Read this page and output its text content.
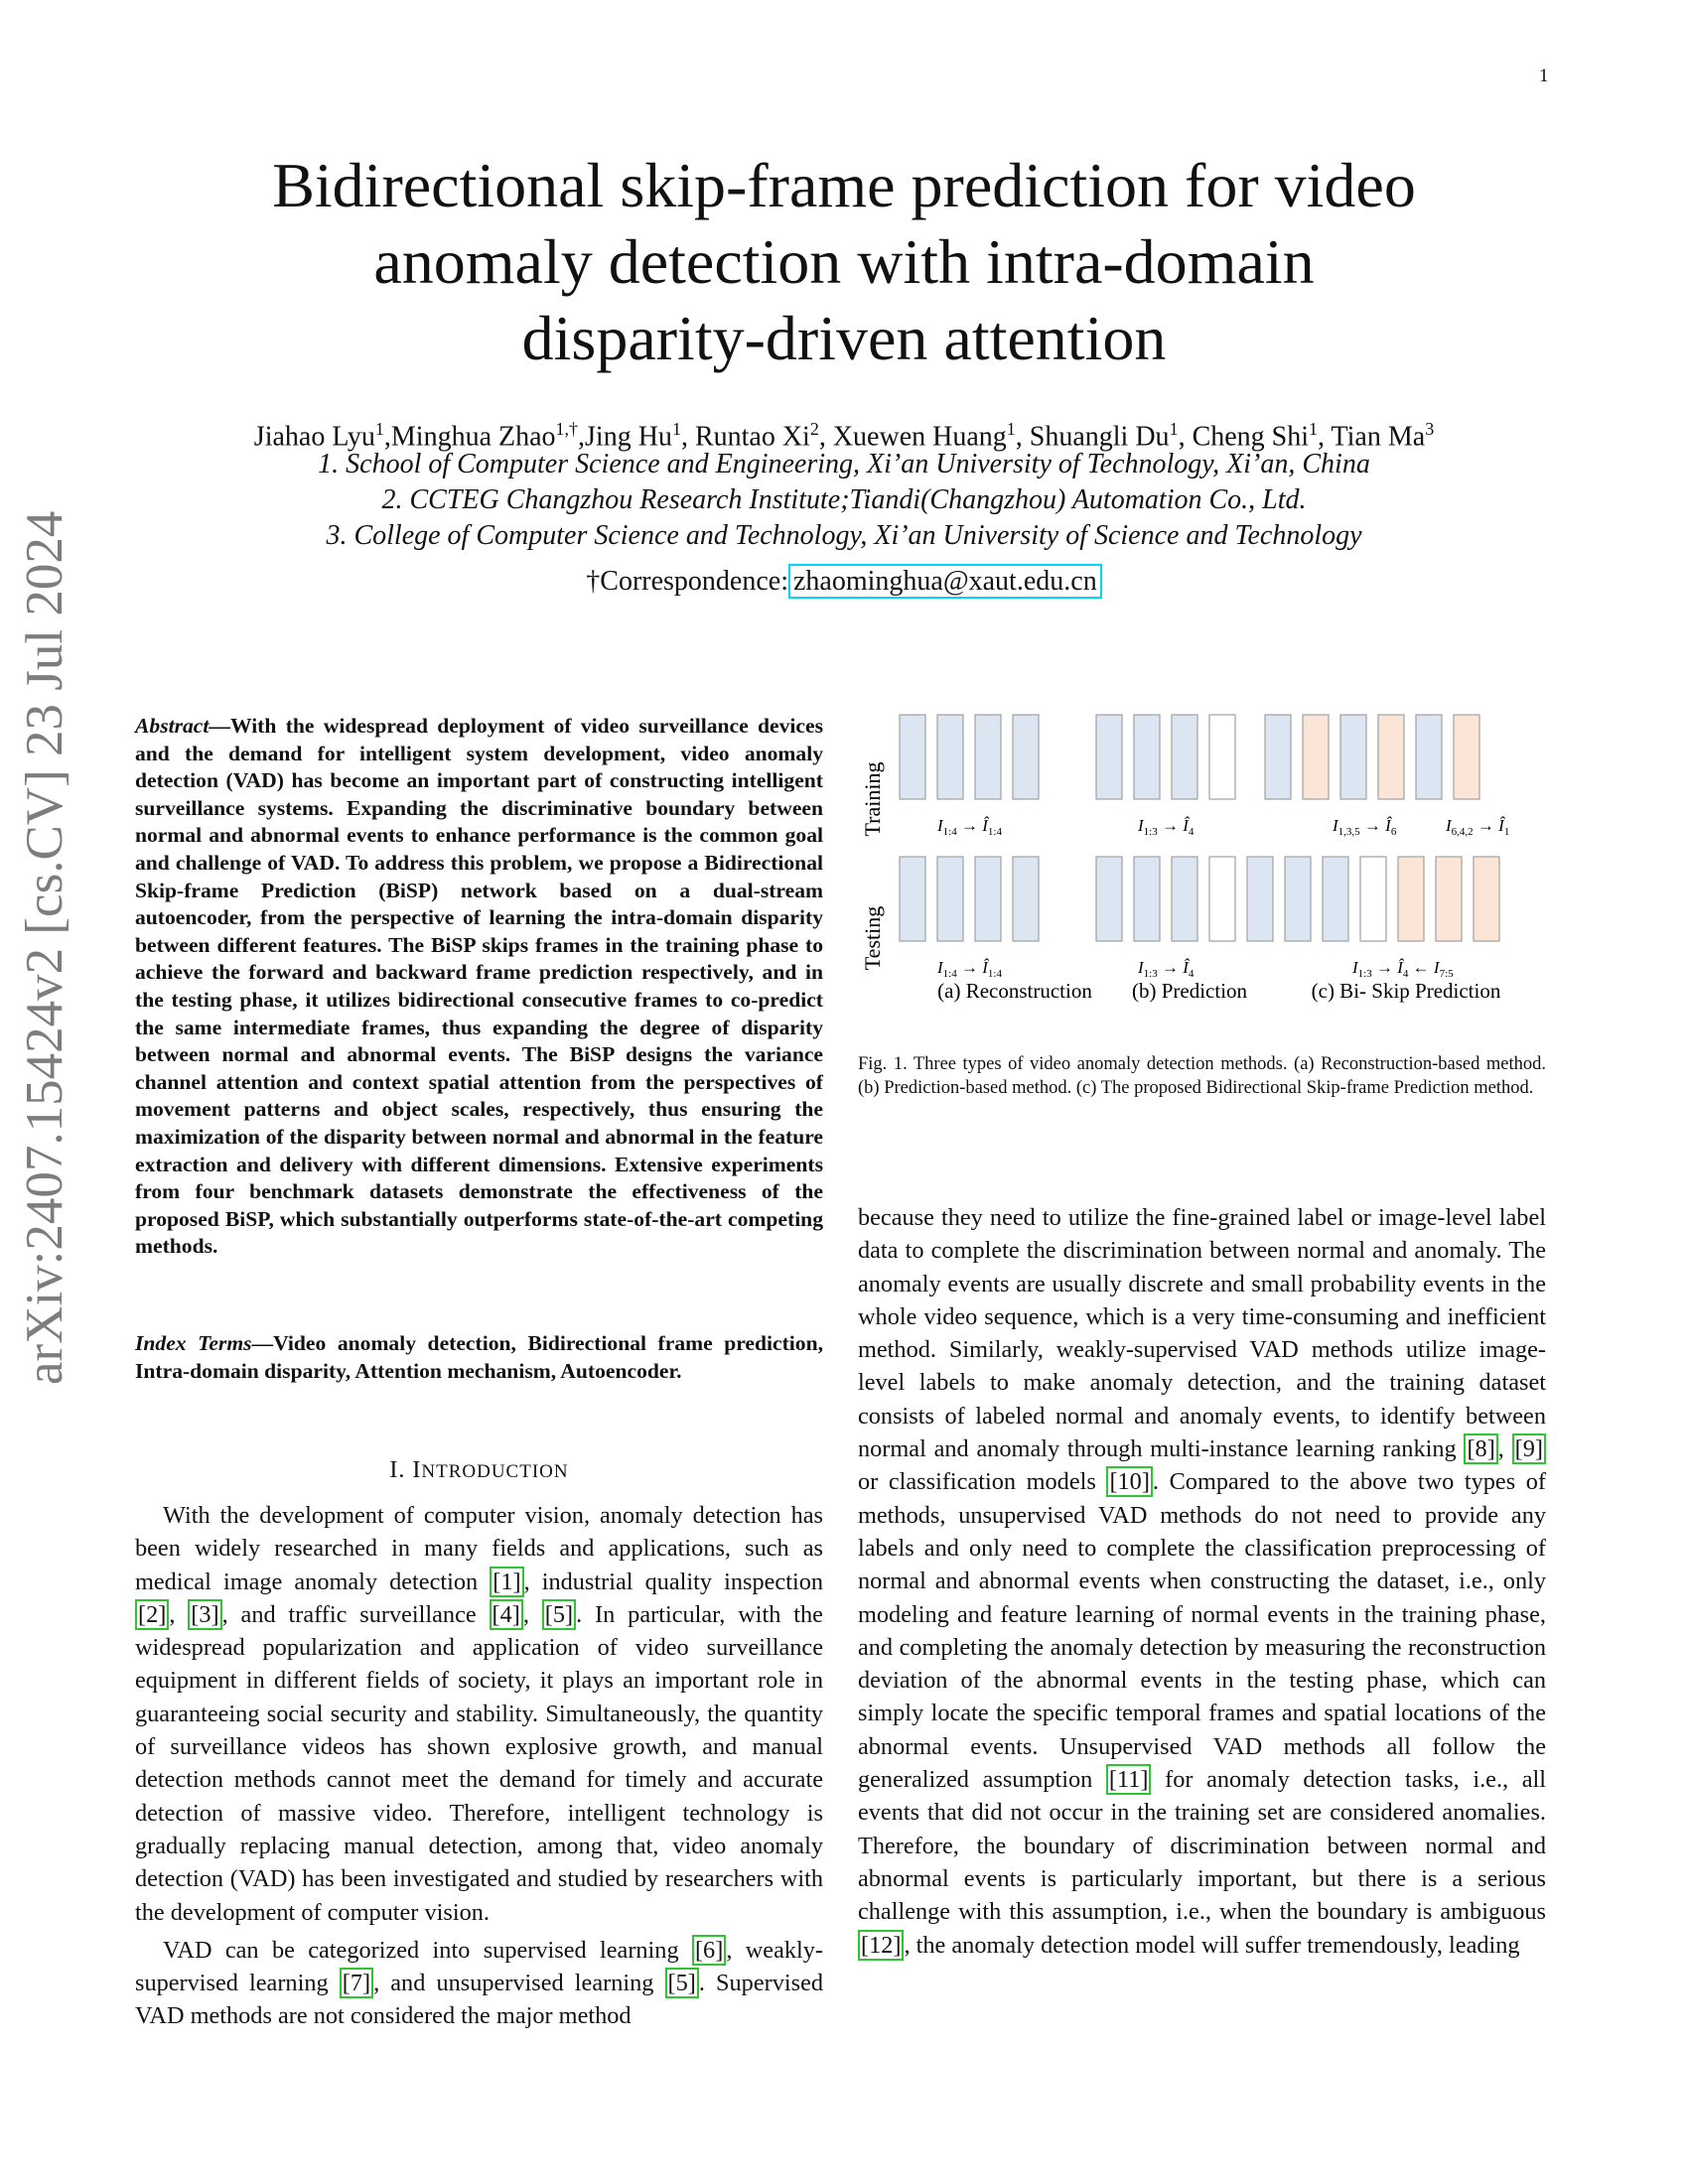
1
arXiv:2407.15424v2 [cs.CV] 23 Jul 2024
Bidirectional skip-frame prediction for video
anomaly detection with intra-domain
disparity-driven attention
Jiahao Lyu$^1$,Minghua Zhao$^{1,\dagger}$,Jing Hu$^1$, Runtao Xi$^2$, Xuewen Huang$^1$, Shuangli Du$^1$, Cheng Shi$^1$, Tian Ma$^3$
1. School of Computer Science and Engineering, Xi’an University of Technology, Xi’an, China
2. CCTEG Changzhou Research Institute;Tiandi(Changzhou) Automation Co., Ltd.
3. College of Computer Science and Technology, Xi’an University of Science and Technology
†Correspondence: zhaominghua@xaut.edu.cn

Abstract—With the widespread deployment of video surveillance devices and the demand for intelligent system development, video anomaly detection (VAD) has become an important part of constructing intelligent surveillance systems. Expanding the discriminative boundary between normal and abnormal events to enhance performance is the common goal and challenge of VAD. To address this problem, we propose a Bidirectional Skip-frame Prediction (BiSP) network based on a dual-stream autoencoder, from the perspective of learning the intra-domain disparity between different features. The BiSP skips frames in the training phase to achieve the forward and backward frame prediction respectively, and in the testing phase, it utilizes bidirectional consecutive frames to co-predict the same intermediate frames, thus expanding the degree of disparity between normal and abnormal events. The BiSP designs the variance channel attention and context spatial attention from the perspectives of movement patterns and object scales, respectively, thus ensuring the maximization of the disparity between normal and abnormal in the feature extraction and delivery with different dimensions. Extensive experiments from four benchmark datasets demonstrate the effectiveness of the proposed BiSP, which substantially outperforms state-of-the-art competing methods.

Index Terms—Video anomaly detection, Bidirectional frame prediction, Intra-domain disparity, Attention mechanism, Autoencoder.

I. INTRODUCTION

With the development of computer vision, anomaly detection has been widely researched in many fields and applications, such as medical image anomaly detection [1] , industrial quality inspection [2] , [3] , and traffic surveillance [4] , [5] . In particular, with the widespread popularization and application of video surveillance equipment in different fields of society, it plays an important role in guaranteeing social security and stability. Simultaneously, the quantity of surveillance videos has shown explosive growth, and manual detection methods cannot meet the demand for timely and accurate detection of massive video. Therefore, intelligent technology is gradually replacing manual detection, among that, video anomaly detection (VAD) has been investigated and studied by researchers with the development of computer vision.

VAD can be categorized into supervised learning [6] , weakly-supervised learning [7] , and unsupervised learning [5] . Supervised VAD methods are not considered the major method

because they need to utilize the fine-grained label or image-level label data to complete the discrimination between normal and anomaly. The anomaly events are usually discrete and small probability events in the whole video sequence, which is a very time-consuming and inefficient method. Similarly, weakly-supervised VAD methods utilize image-level labels to make anomaly detection, and the training dataset consists of labeled normal and anomaly events, to identify between normal and anomaly through multi-instance learning ranking [8] , [9] or classification models [10] . Compared to the above two types of methods, unsupervised VAD methods do not need to provide any labels and only need to complete the classification preprocessing of normal and abnormal events when constructing the dataset, i.e., only modeling and feature learning of normal events in the training phase, and completing the anomaly detection by measuring the reconstruction deviation of the abnormal events in the testing phase, which can simply locate the specific temporal frames and spatial locations of the abnormal events. Unsupervised VAD methods all follow the generalized assumption [11] for anomaly detection tasks, i.e., all events that did not occur in the training set are considered anomalies. Therefore, the boundary of discrimination between normal and abnormal events is particularly important, but there is a serious challenge with this assumption, i.e., when the boundary is ambiguous [12] , the anomaly detection model will suffer tremendously, leading

Training
Testing
$I_{1:4}$ → $Î_{1:4}$	$I_{1:3}$ → $Î_4$	$I_{1,3,5}$ → $Î_6$	$I_{6,4,2}$ → $Î_1$
$I_{1:4}$ → $Î_{1:4}$	$I_{1:3}$ → $Î_4$	$I_{1:3}$ → $Î_4$ ← $I_{7:5}$
(a) Reconstruction (b) Prediction	(c) Bi- Skip Prediction
Fig. 1. Three types of video anomaly detection methods. (a) Reconstruction-based method. (b) Prediction-based method. (c) The proposed Bidirectional Skip-frame Prediction method.
